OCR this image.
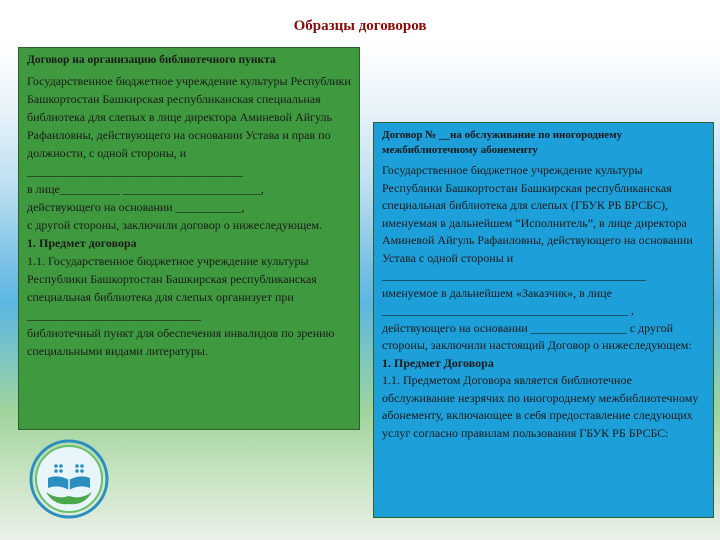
Образцы договоров
Договор на организацию библиотечного пункта

Государственное бюджетное учреждение культуры Республики Башкортостан Башкирская республиканская специальная библиотека для слепых в лице директора Аминевой Айгуль Рафаиловны, действующего на основании Устава и прав по должности, с одной стороны, и

____________________________________

в лице__________ _______________________,

действующего на основании ___________,

с другой стороны, заключили договор о нижеследующем.

1. Предмет договора

1.1. Государственное бюджетное учреждение культуры Республики Башкортостан Башкирская республиканская специальная библиотека для слепых организует при

_____________________________

библиотечный пункт для обеспечения инвалидов по зрению специальными видами литературы.

Договор № __на обслуживание по иногороднему межбиблиотечному абонементу

Государственное бюджетное учреждение культуры Республики Башкортостан Башкирская республиканская специальная библиотека для слепых (ГБУК РБ БРСБС), именуемая в дальнейшем “Исполнитель”, в лице директора Аминевой Айгуль Рафаиловны, действующего на основании Устава с одной стороны и

____________________________________________

именуемое в дальнейшем «Заказчик», в лице

_________________________________________ ,

действующего на основании ________________ с другой стороны, заключили настоящий Договор о нижеследующем:

1. Предмет Договора

1.1. Предметом Договора является библиотечное обслуживание незрячих по иногороднему межбиблиотечному абонементу, включающее в себя предоставление следующих услуг согласно правилам пользования ГБУК РБ БРСБС:
